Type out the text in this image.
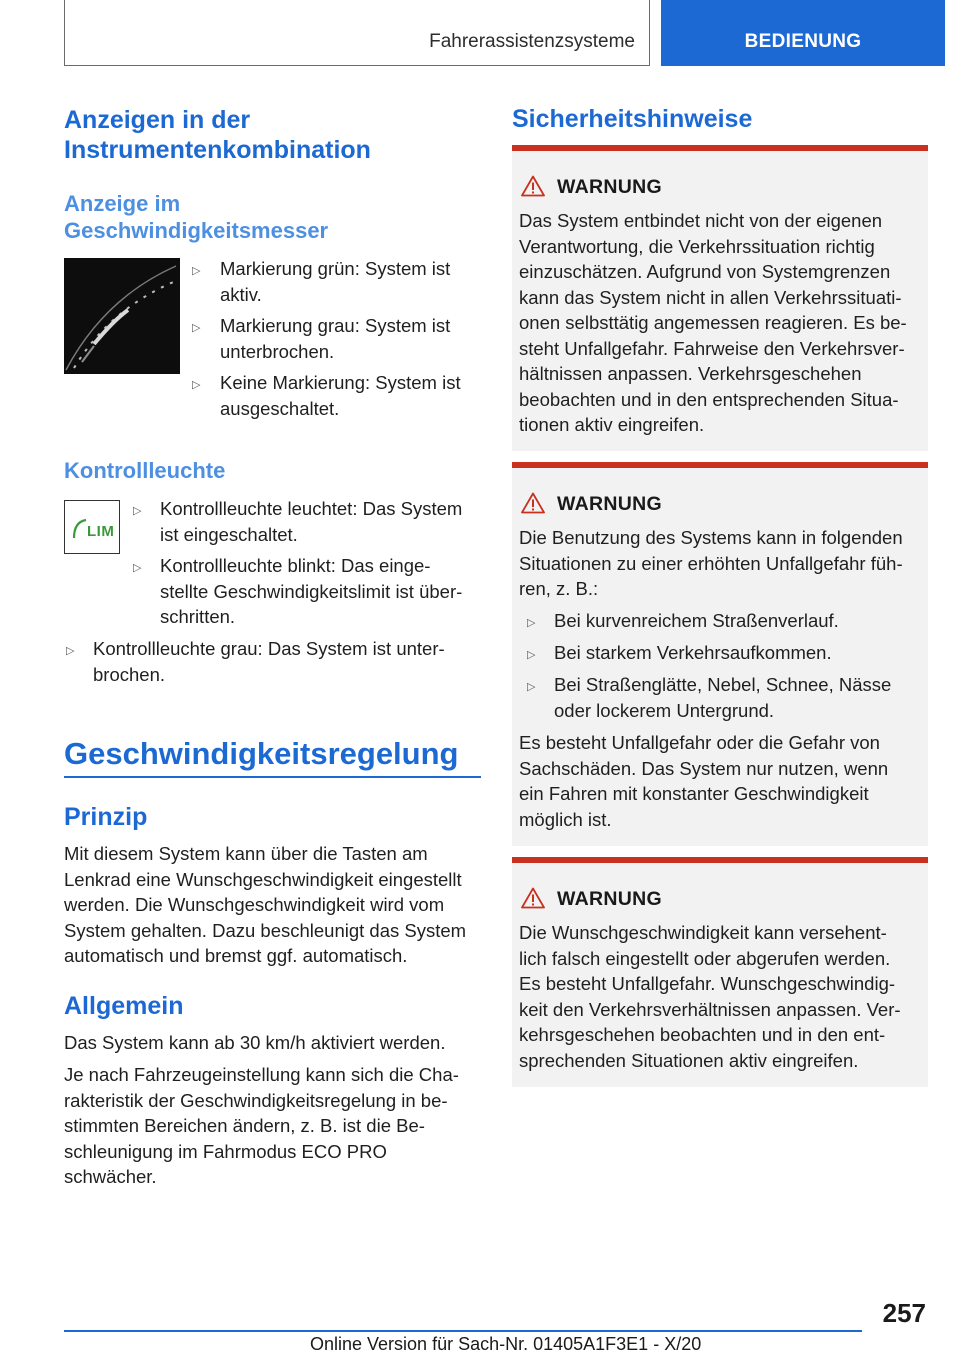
Fahrerassistenzsysteme	BEDIENUNG
Anzeigen in der
Instrumentenkombination
Anzeige im
Geschwindigkeitsmesser
▷ Markierung grün: System ist
aktiv.
▷ Markierung grau: System ist
unterbrochen.
▷ Keine Markierung: System ist
ausgeschaltet.
Kontrollleuchte
LIM
▷ Kontrollleuchte leuchtet: Das System
ist eingeschaltet.
▷ Kontrollleuchte blinkt: Das einge-
stellte Geschwindigkeitslimit ist über-
schritten.
▷ Kontrollleuchte grau: Das System ist unter-
brochen.
Geschwindigkeitsregelung
Prinzip
Mit diesem System kann über die Tasten am
Lenkrad eine Wunschgeschwindigkeit eingestellt
werden. Die Wunschgeschwindigkeit wird vom
System gehalten. Dazu beschleunigt das System
automatisch und bremst ggf. automatisch.
Allgemein
Das System kann ab 30 km/h aktiviert werden.
Je nach Fahrzeugeinstellung kann sich die Cha-
rakteristik der Geschwindigkeitsregelung in be-
stimmten Bereichen ändern, z. B. ist die Be-
schleunigung im Fahrmodus ECO PRO
schwächer.
Sicherheitshinweise
WARNUNG
Das System entbindet nicht von der eigenen
Verantwortung, die Verkehrssituation richtig
einzuschätzen. Aufgrund von Systemgrenzen
kann das System nicht in allen Verkehrssituati-
onen selbsttätig angemessen reagieren. Es be-
steht Unfallgefahr. Fahrweise den Verkehrsver-
hältnissen anpassen. Verkehrsgeschehen
beobachten und in den entsprechenden Situa-
tionen aktiv eingreifen.
WARNUNG
Die Benutzung des Systems kann in folgenden
Situationen zu einer erhöhten Unfallgefahr füh-
ren, z. B.:
▷ Bei kurvenreichem Straßenverlauf.
▷ Bei starkem Verkehrsaufkommen.
▷ Bei Straßenglätte, Nebel, Schnee, Nässe
oder lockerem Untergrund.
Es besteht Unfallgefahr oder die Gefahr von
Sachschäden. Das System nur nutzen, wenn
ein Fahren mit konstanter Geschwindigkeit
möglich ist.
WARNUNG
Die Wunschgeschwindigkeit kann versehent-
lich falsch eingestellt oder abgerufen werden.
Es besteht Unfallgefahr. Wunschgeschwindig-
keit den Verkehrsverhältnissen anpassen. Ver-
kehrsgeschehen beobachten und in den ent-
sprechenden Situationen aktiv eingreifen.
257
Online Version für Sach-Nr. 01405A1F3E1 - X/20
